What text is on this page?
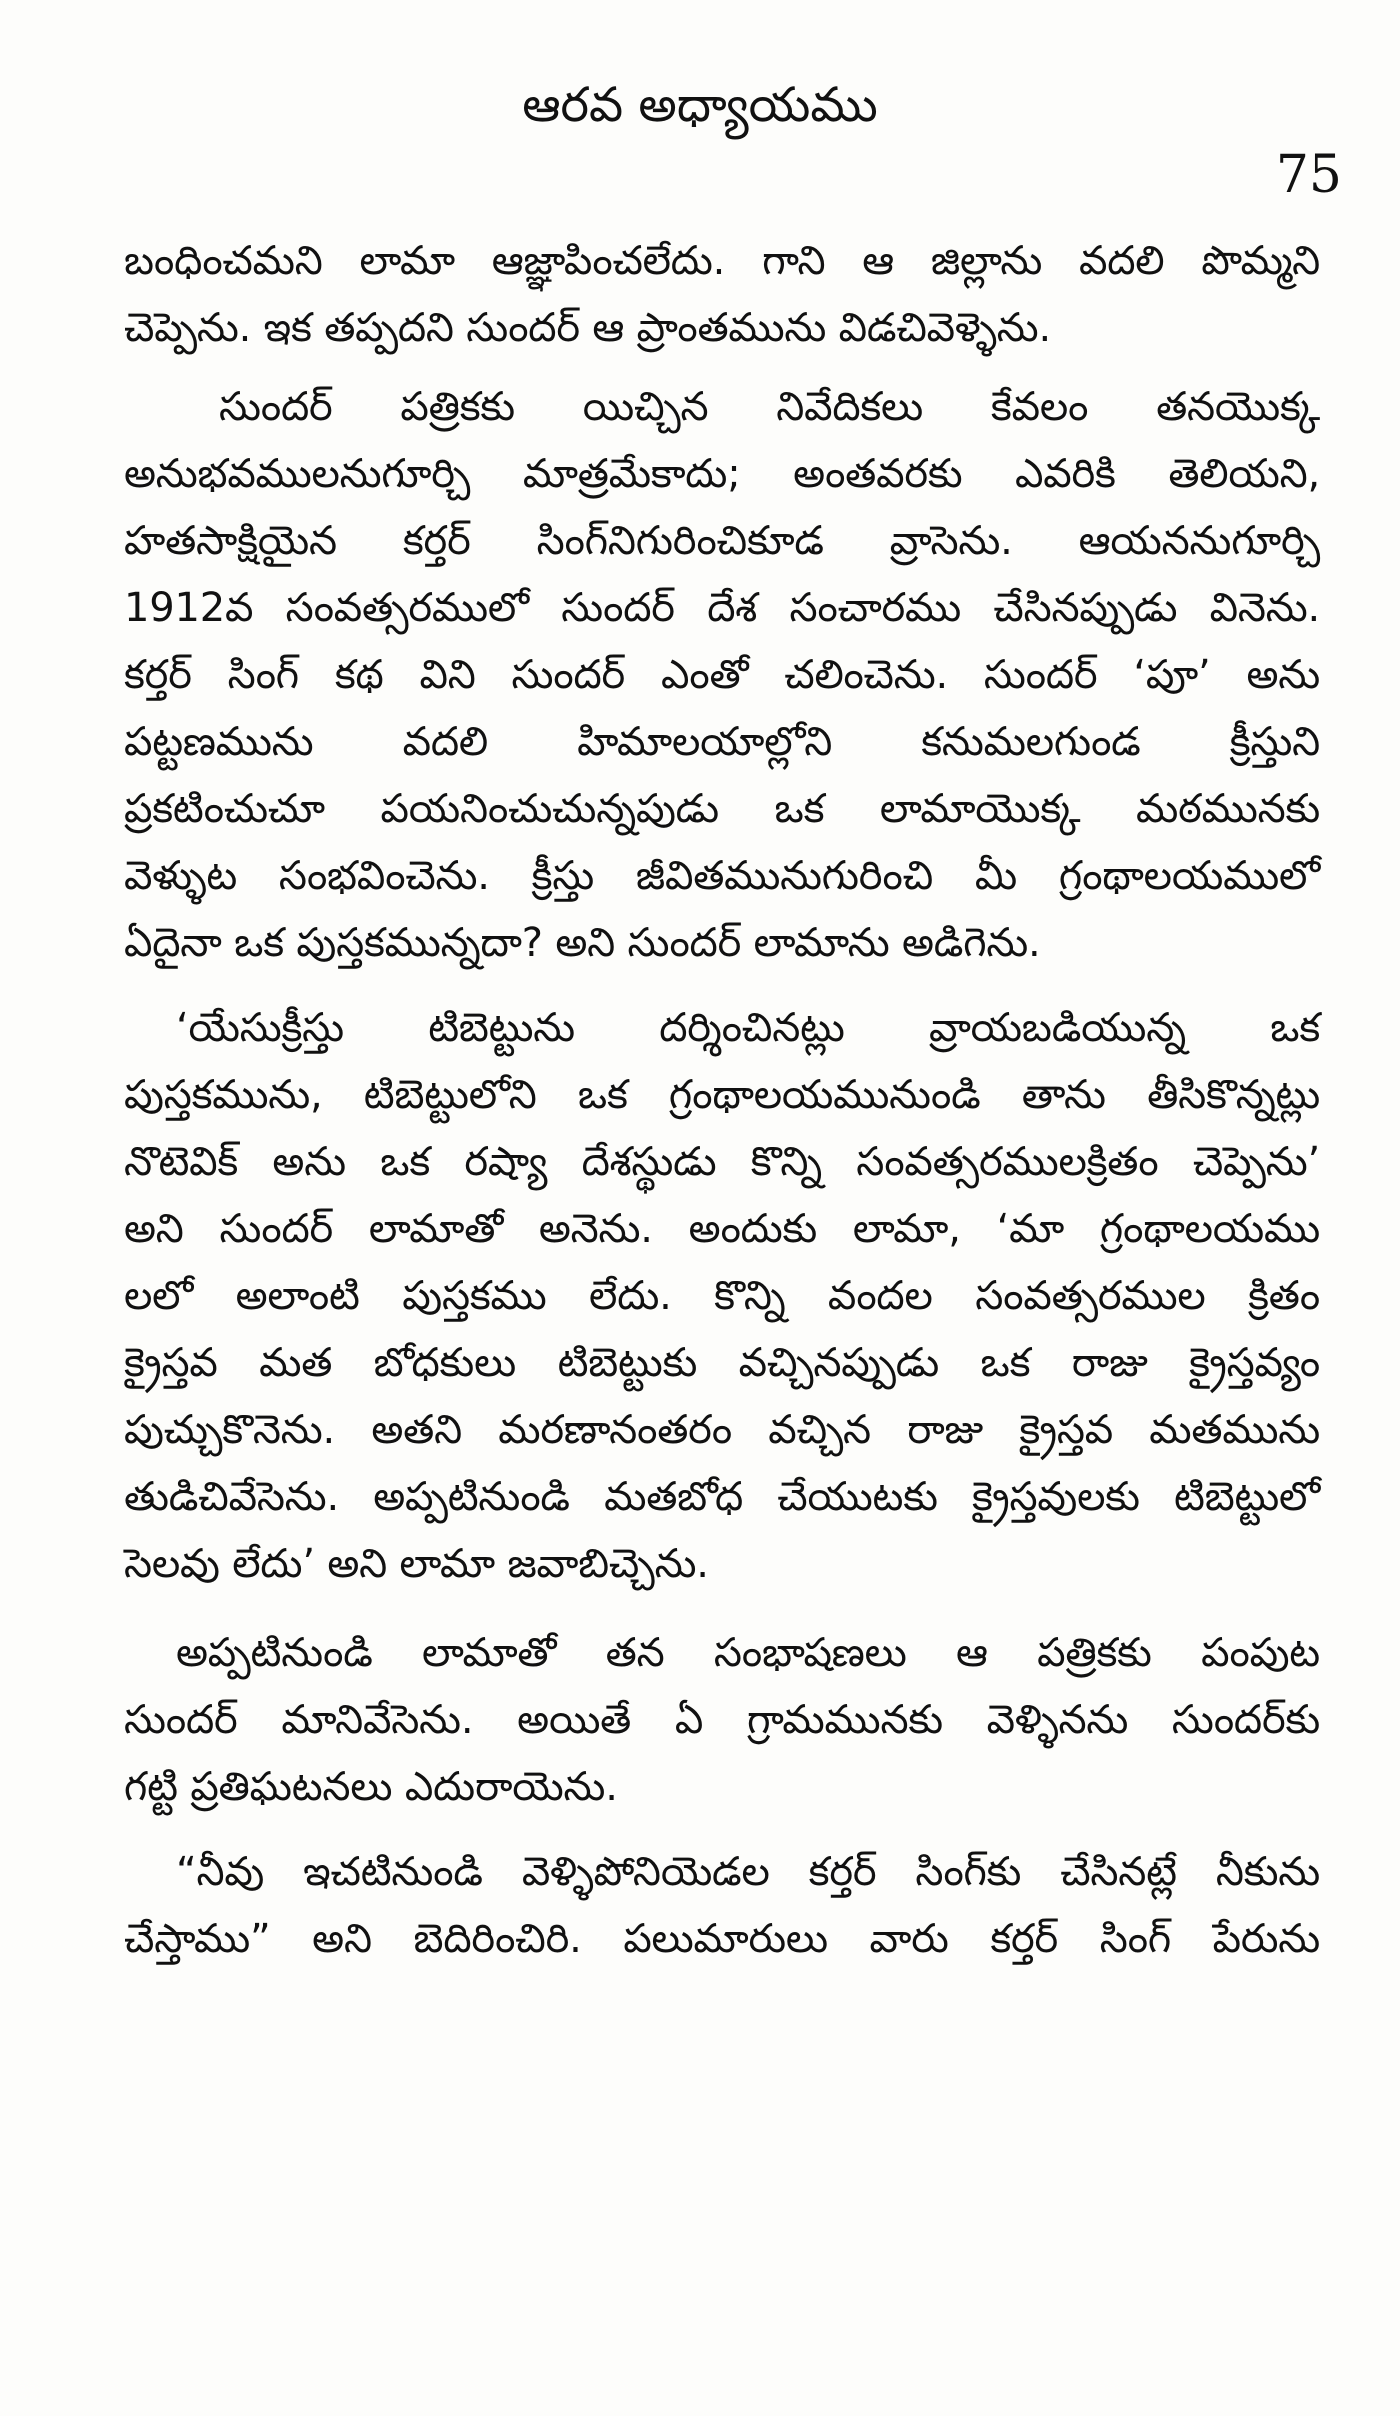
ఆరవ అధ్యాయము
75
బంధించమని లామా ఆజ్ఞాపించలేదు. గాని ఆ జిల్లాను వదలి పొమ్మని
చెప్పెను. ఇక తప్పదని సుందర్ ఆ ప్రాంతమును విడచివెళ్ళెను.
సుందర్ పత్రికకు యిచ్చిన నివేదికలు కేవలం తనయొక్క
అనుభవములనుగూర్చి మాత్రమేకాదు; అంతవరకు ఎవరికి తెలియని,
హతసాక్షియైన కర్తర్ సింగ్‌నిగురించికూడ వ్రాసెను. ఆయననుగూర్చి
1912వ సంవత్సరములో సుందర్ దేశ సంచారము చేసినప్పుడు వినెను.
కర్తర్ సింగ్ కథ విని సుందర్ ఎంతో చలించెను. సుందర్ ‘పూ’ అను
పట్టణమును వదలి హిమాలయాల్లోని కనుమలగుండ క్రీస్తుని
ప్రకటించుచూ పయనించుచున్నపుడు ఒక లామాయొక్క మఠమునకు
వెళ్ళుట సంభవించెను. క్రీస్తు జీవితమునుగురించి మీ గ్రంథాలయములో
ఏదైనా ఒక పుస్తకమున్నదా? అని సుందర్ లామాను అడిగెను.
‘యేసుక్రీస్తు టిబెట్టును దర్శించినట్లు వ్రాయబడియున్న ఒక
పుస్తకమును, టిబెట్టులోని ఒక గ్రంథాలయమునుండి తాను తీసికొన్నట్లు
నొటెవిక్ అను ఒక రష్యా దేశస్థుడు కొన్ని సంవత్సరములక్రితం చెప్పెను’
అని సుందర్ లామాతో అనెను. అందుకు లామా, ‘మా గ్రంథాలయము
లలో అలాంటి పుస్తకము లేదు. కొన్ని వందల సంవత్సరముల క్రితం
క్రైస్తవ మత బోధకులు టిబెట్టుకు వచ్చినప్పుడు ఒక రాజు క్రైస్తవ్యం
పుచ్చుకొనెను. అతని మరణానంతరం వచ్చిన రాజు క్రైస్తవ మతమును
తుడిచివేసెను. అప్పటినుండి మతబోధ చేయుటకు క్రైస్తవులకు టిబెట్టులో
సెలవు లేదు’ అని లామా జవాబిచ్చెను.
అప్పటినుండి లామాతో తన సంభాషణలు ఆ పత్రికకు పంపుట
సుందర్ మానివేసెను. అయితే ఏ గ్రామమునకు వెళ్ళినను సుందర్‌కు
గట్టి ప్రతిఘటనలు ఎదురాయెను.
“నీవు ఇచటినుండి వెళ్ళిపోనియెడల కర్తర్ సింగ్‌కు చేసినట్లే నీకును
చేస్తాము” అని బెదిరించిరి. పలుమారులు వారు కర్తర్ సింగ్ పేరును
